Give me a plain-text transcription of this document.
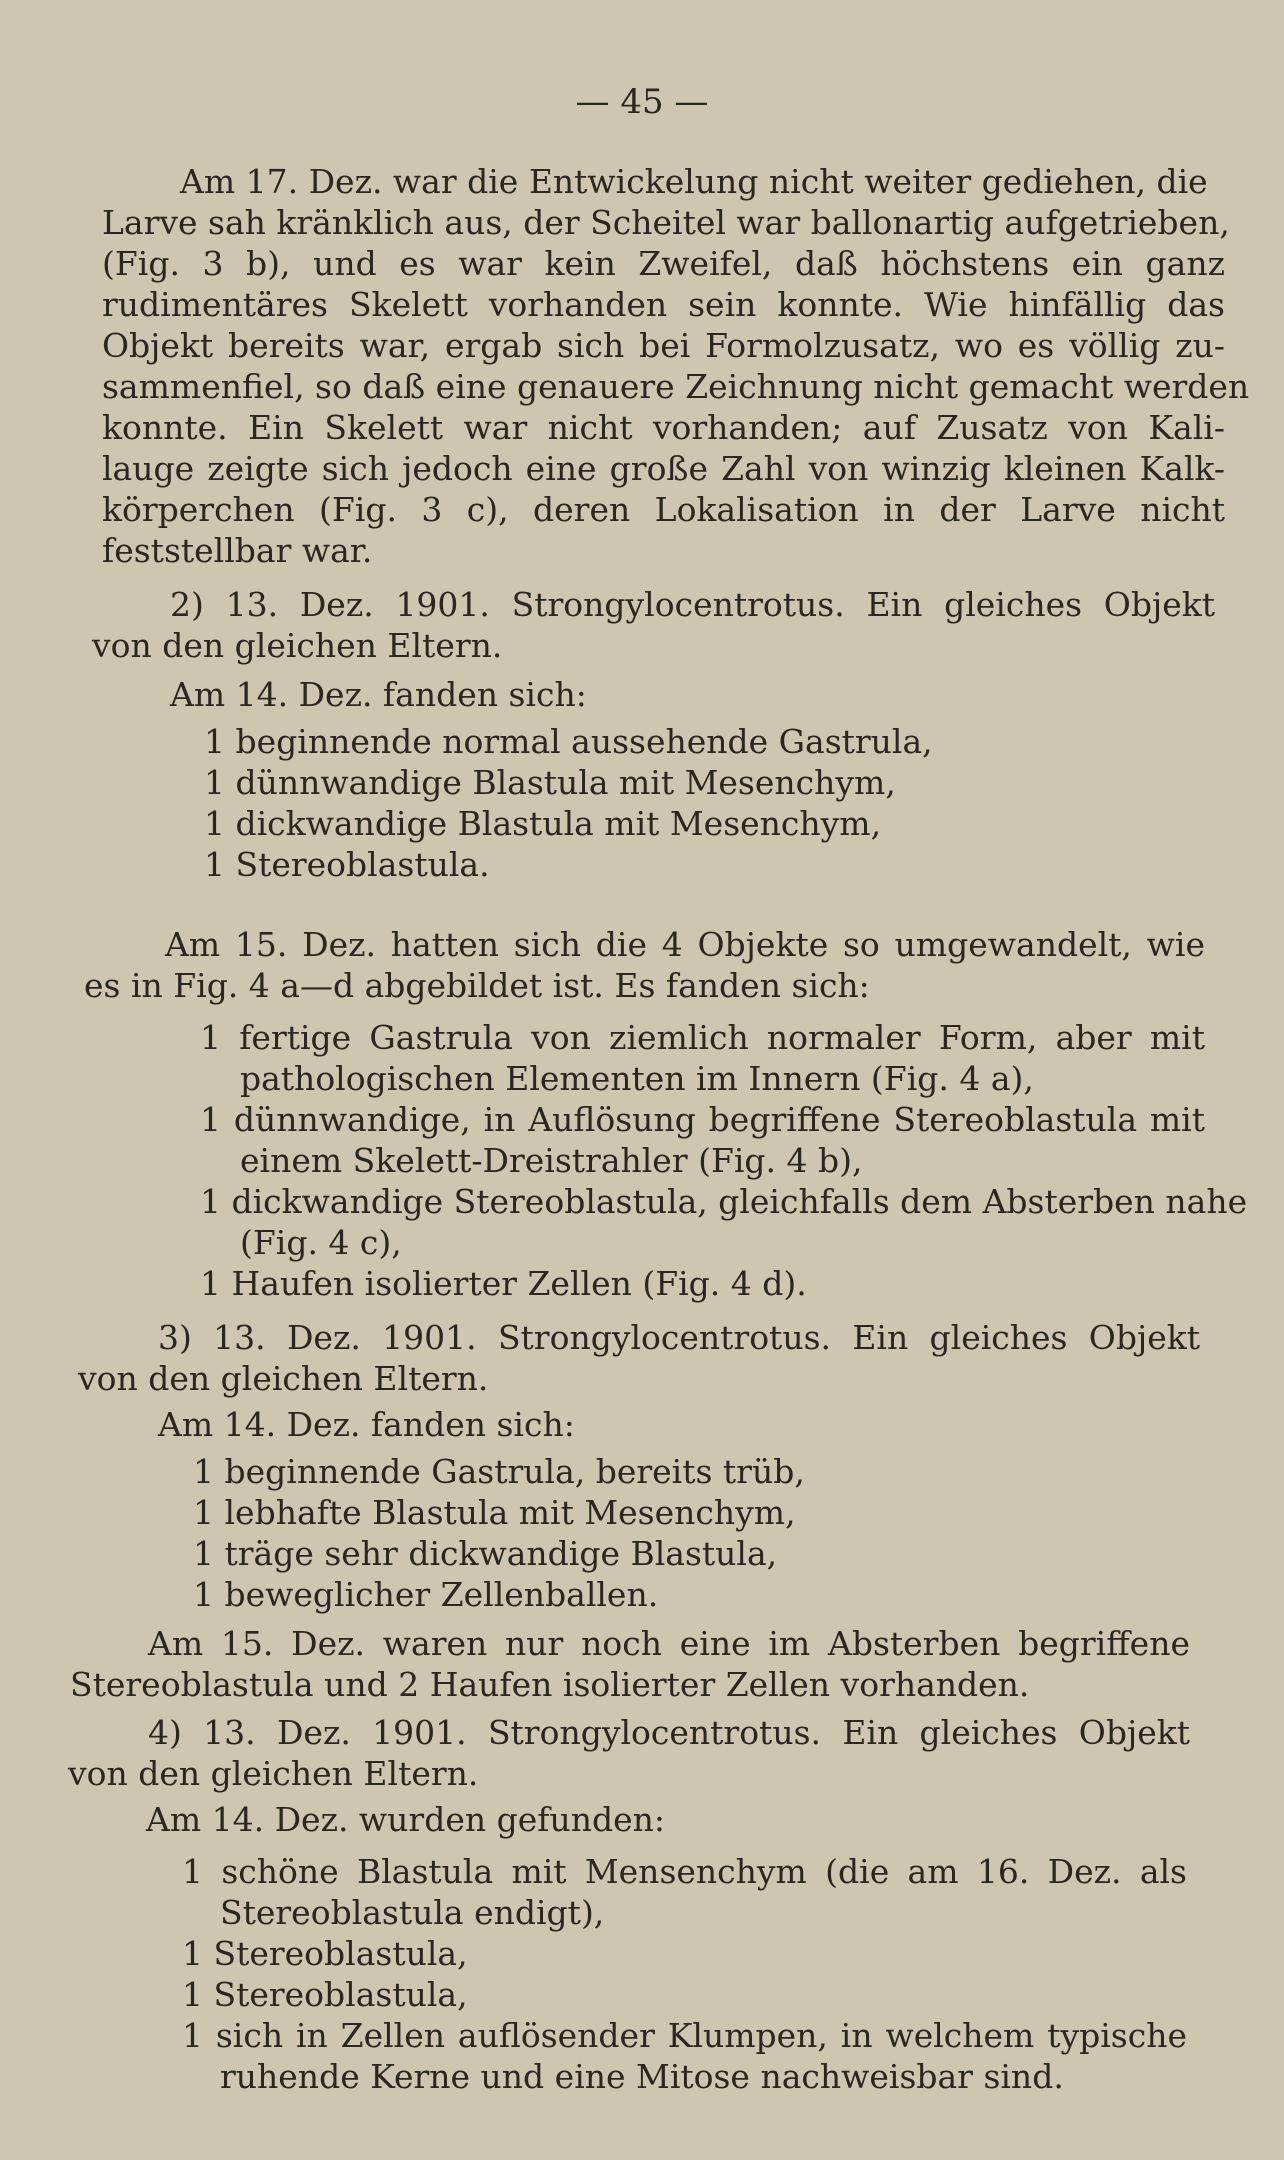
— 45 —
Am 17. Dez. war die Entwickelung nicht weiter gediehen, die
Larve sah kränklich aus, der Scheitel war ballonartig aufgetrieben,
(Fig. 3 b), und es war kein Zweifel, daß höchstens ein ganz
rudimentäres Skelett vorhanden sein konnte. Wie hinfällig das
Objekt bereits war, ergab sich bei Formolzusatz, wo es völlig zu-
sammenfiel, so daß eine genauere Zeichnung nicht gemacht werden
konnte. Ein Skelett war nicht vorhanden; auf Zusatz von Kali-
lauge zeigte sich jedoch eine große Zahl von winzig kleinen Kalk-
körperchen (Fig. 3 c), deren Lokalisation in der Larve nicht
feststellbar war.
2) 13. Dez. 1901. Strongylocentrotus. Ein gleiches Objekt
von den gleichen Eltern.
Am 14. Dez. fanden sich:
1 beginnende normal aussehende Gastrula,
1 dünnwandige Blastula mit Mesenchym,
1 dickwandige Blastula mit Mesenchym,
1 Stereoblastula.
Am 15. Dez. hatten sich die 4 Objekte so umgewandelt, wie
es in Fig. 4 a—d abgebildet ist. Es fanden sich:
1 fertige Gastrula von ziemlich normaler Form, aber mit
pathologischen Elementen im Innern (Fig. 4 a),
1 dünnwandige, in Auflösung begriffene Stereoblastula mit
einem Skelett-Dreistrahler (Fig. 4 b),
1 dickwandige Stereoblastula, gleichfalls dem Absterben nahe
(Fig. 4 c),
1 Haufen isolierter Zellen (Fig. 4 d).
3) 13. Dez. 1901. Strongylocentrotus. Ein gleiches Objekt
von den gleichen Eltern.
Am 14. Dez. fanden sich:
1 beginnende Gastrula, bereits trüb,
1 lebhafte Blastula mit Mesenchym,
1 träge sehr dickwandige Blastula,
1 beweglicher Zellenballen.
Am 15. Dez. waren nur noch eine im Absterben begriffene
Stereoblastula und 2 Haufen isolierter Zellen vorhanden.
4) 13. Dez. 1901. Strongylocentrotus. Ein gleiches Objekt
von den gleichen Eltern.
Am 14. Dez. wurden gefunden:
1 schöne Blastula mit Mensenchym (die am 16. Dez. als
Stereoblastula endigt),
1 Stereoblastula,
1 Stereoblastula,
1 sich in Zellen auflösender Klumpen, in welchem typische
ruhende Kerne und eine Mitose nachweisbar sind.
